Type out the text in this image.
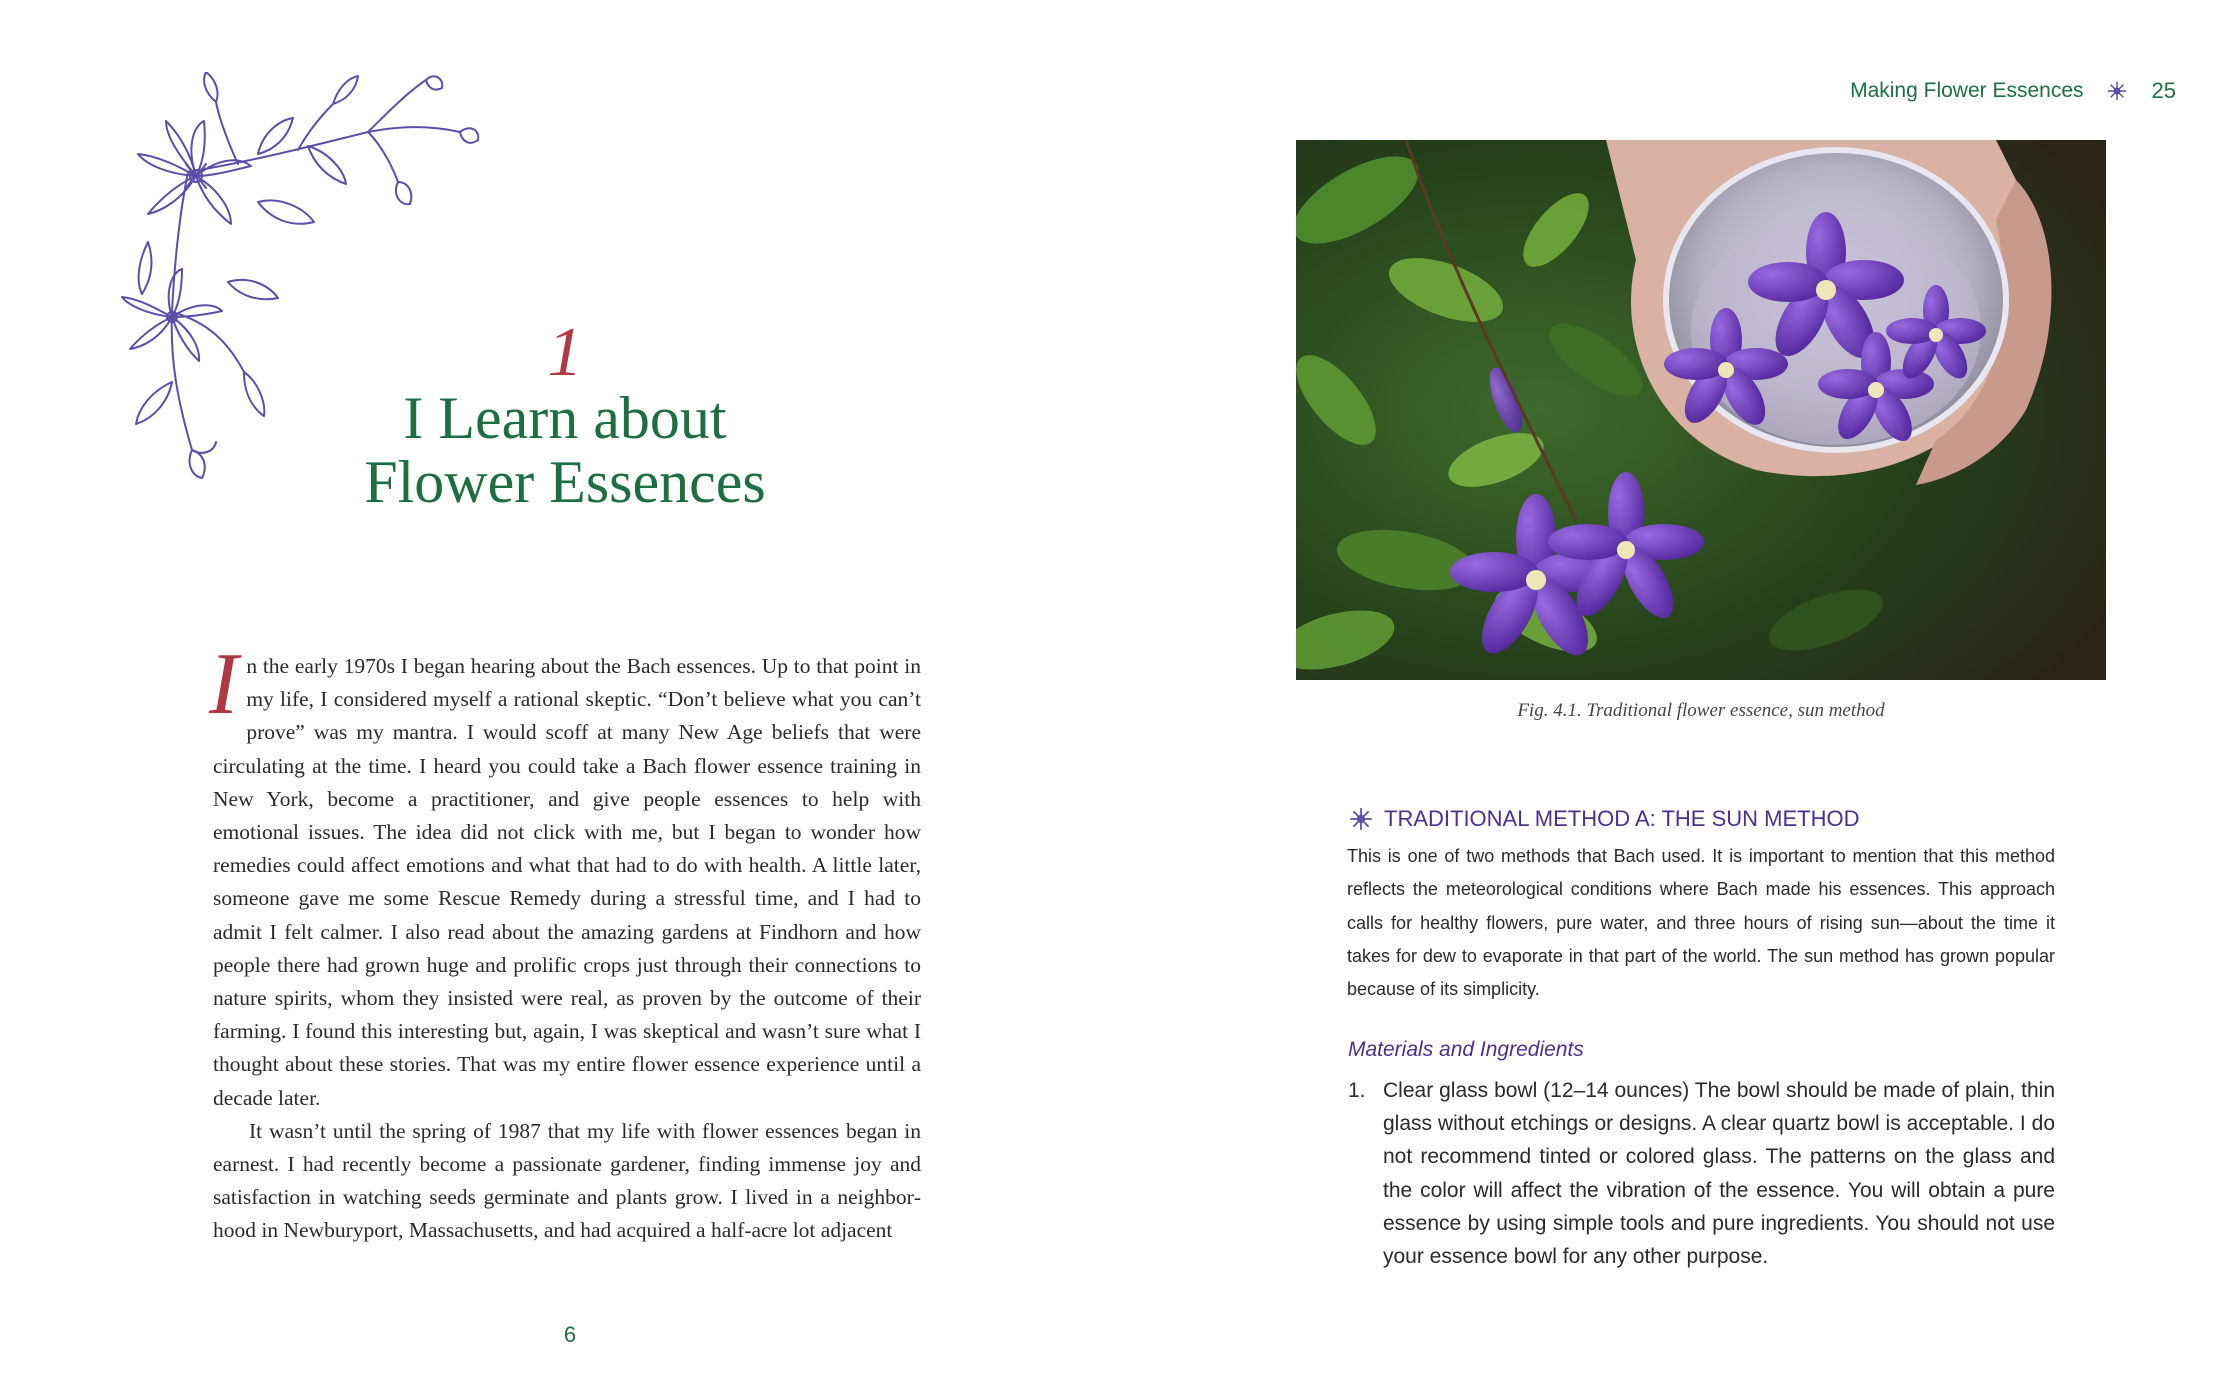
1
I Learn about
Flower Essences

In the early 1970s I began hearing about the Bach essences. Up to that point in my life, I considered myself a rational skeptic. “Don’t believe what you can’t prove” was my mantra. I would scoff at many New Age beliefs that were circulating at the time. I heard you could take a Bach flower essence training in New York, become a practitioner, and give people essences to help with emotional issues. The idea did not click with me, but I began to wonder how remedies could affect emotions and what that had to do with health. A little later, someone gave me some Rescue Remedy during a stressful time, and I had to admit I felt calmer. I also read about the amazing gardens at Findhorn and how people there had grown huge and prolific crops just through their connections to nature spirits, whom they insisted were real, as proven by the outcome of their farming. I found this interesting but, again, I was skeptical and wasn’t sure what I thought about these stories. That was my entire flower essence experience until a decade later.

It wasn’t until the spring of 1987 that my life with flower essences began in earnest. I had recently become a passionate gardener, finding immense joy and satisfaction in watching seeds germinate and plants grow. I lived in a neighborhood in Newburyport, Massachusetts, and had acquired a half-acre lot adjacent

6
Making Flower Essences	25
Fig. 4.1. Traditional flower essence, sun method
TRADITIONAL METHOD A: THE SUN METHOD
This is one of two methods that Bach used. It is important to mention that this method reflects the meteorological conditions where Bach made his essences. This approach calls for healthy flowers, pure water, and three hours of rising sun—about the time it takes for dew to evaporate in that part of the world. The sun method has grown popular because of its simplicity.
Materials and Ingredients
1. Clear glass bowl (12–14 ounces) The bowl should be made of plain, thin glass without etchings or designs. A clear quartz bowl is acceptable. I do not recommend tinted or colored glass. The patterns on the glass and the color will affect the vibration of the essence. You will obtain a pure essence by using simple tools and pure ingredients. You should not use your essence bowl for any other purpose.
